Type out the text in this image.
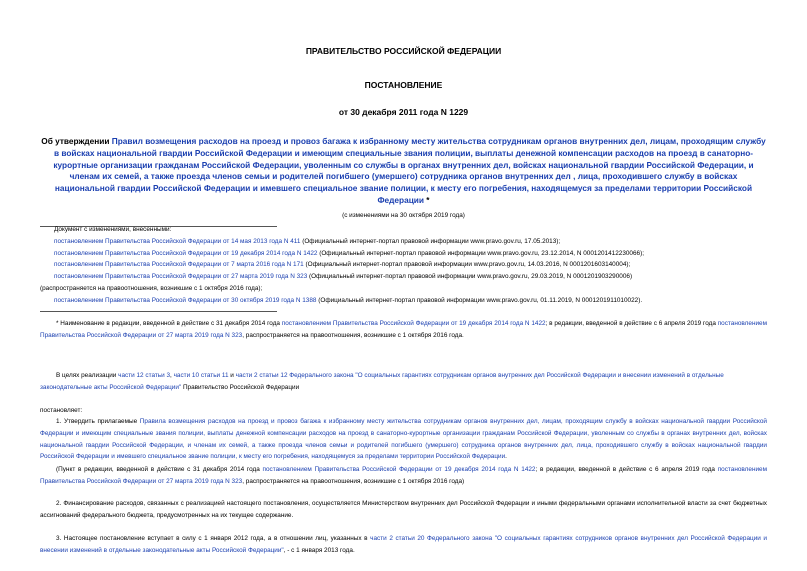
ПРАВИТЕЛЬСТВО РОССИЙСКОЙ ФЕДЕРАЦИИ
ПОСТАНОВЛЕНИЕ
от 30 декабря 2011 года N 1229
Об утверждении Правил возмещения расходов на проезд и провоз багажа к избранному месту жительства сотрудникам органов внутренних дел, лицам, проходящим службу в войсках национальной гвардии Российской Федерации и имеющим специальные звания полиции, выплаты денежной компенсации расходов на проезд в санаторно-курортные организации гражданам Российской Федерации, уволенным со службы в органах внутренних дел, войсках национальной гвардии Российской Федерации, и членам их семей, а также проезда членов семьи и родителей погибшего (умершего) сотрудника органов внутренних дел , лица, проходившего службу в войсках национальной гвардии Российской Федерации и имевшего специальное звание полиции, к месту его погребения, находящемуся за пределами территории Российской Федерации *
(с изменениями на 30 октября 2019 года)
Документ с изменениями, внесенными:
постановлением Правительства Российской Федерации от 14 мая 2013 года N 411 (Официальный интернет-портал правовой информации www.pravo.gov.ru, 17.05.2013);
постановлением Правительства Российской Федерации от 19 декабря 2014 года N 1422 (Официальный интернет-портал правовой информации www.pravo.gov.ru, 23.12.2014, N 0001201412230066);
постановлением Правительства Российской Федерации от 7 марта 2016 года N 171 (Официальный интернет-портал правовой информации www.pravo.gov.ru, 14.03.2016, N 0001201603140004);
постановлением Правительства Российской Федерации от 27 марта 2019 года N 323 (Официальный интернет-портал правовой информации www.pravo.gov.ru, 29.03.2019, N 0001201903290006)
(распространяется на правоотношения, возникшие с 1 октября 2016 года);
постановлением Правительства Российской Федерации от 30 октября 2019 года N 1388 (Официальный интернет-портал правовой информации www.pravo.gov.ru, 01.11.2019, N 0001201911010022).
* Наименование в редакции, введенной в действие с 31 декабря 2014 года постановлением Правительства Российской Федерации от 19 декабря 2014 года N 1422; в редакции, введенной в действие с 6 апреля 2019 года постановлением Правительства Российской Федерации от 27 марта 2019 года N 323, распространяется на правоотношения, возникшие с 1 октября 2016 года.
В целях реализации части 12 статьи 3, части 10 статьи 11 и части 2 статьи 12 Федерального закона "О социальных гарантиях сотрудникам органов внутренних дел Российской Федерации и внесении изменений в отдельные законодательные акты Российской Федерации" Правительство Российской Федерации
постановляет:
1. Утвердить прилагаемые Правила возмещения расходов на проезд и провоз багажа к избранному месту жительства сотрудникам органов внутренних дел, лицам, проходящим службу в войсках национальной гвардии Российской Федерации и имеющим специальные звания полиции, выплаты денежной компенсации расходов на проезд в санаторно-курортные организации гражданам Российской Федерации, уволенным со службы в органах внутренних дел, войсках национальной гвардии Российской Федерации, и членам их семей, а также проезда членов семьи и родителей погибшего (умершего) сотрудника органов внутренних дел, лица, проходившего службу в войсках национальной гвардии Российской Федерации и имевшего специальное звание полиции, к месту его погребения, находящемуся за пределами территории Российской Федерации.
(Пункт в редакции, введенной в действие с 31 декабря 2014 года постановлением Правительства Российской Федерации от 19 декабря 2014 года N 1422; в редакции, введенной в действие с 6 апреля 2019 года постановлением Правительства Российской Федерации от 27 марта 2019 года N 323, распространяется на правоотношения, возникшие с 1 октября 2016 года)
2. Финансирование расходов, связанных с реализацией настоящего постановления, осуществляется Министерством внутренних дел Российской Федерации и иными федеральными органами исполнительной власти за счет бюджетных ассигнований федерального бюджета, предусмотренных на их текущее содержание.
3. Настоящее постановление вступает в силу с 1 января 2012 года, а в отношении лиц, указанных в части 2 статьи 20 Федерального закона "О социальных гарантиях сотрудников органов внутренних дел Российской Федерации и внесении изменений в отдельные законодательные акты Российской Федерации", - с 1 января 2013 года.
